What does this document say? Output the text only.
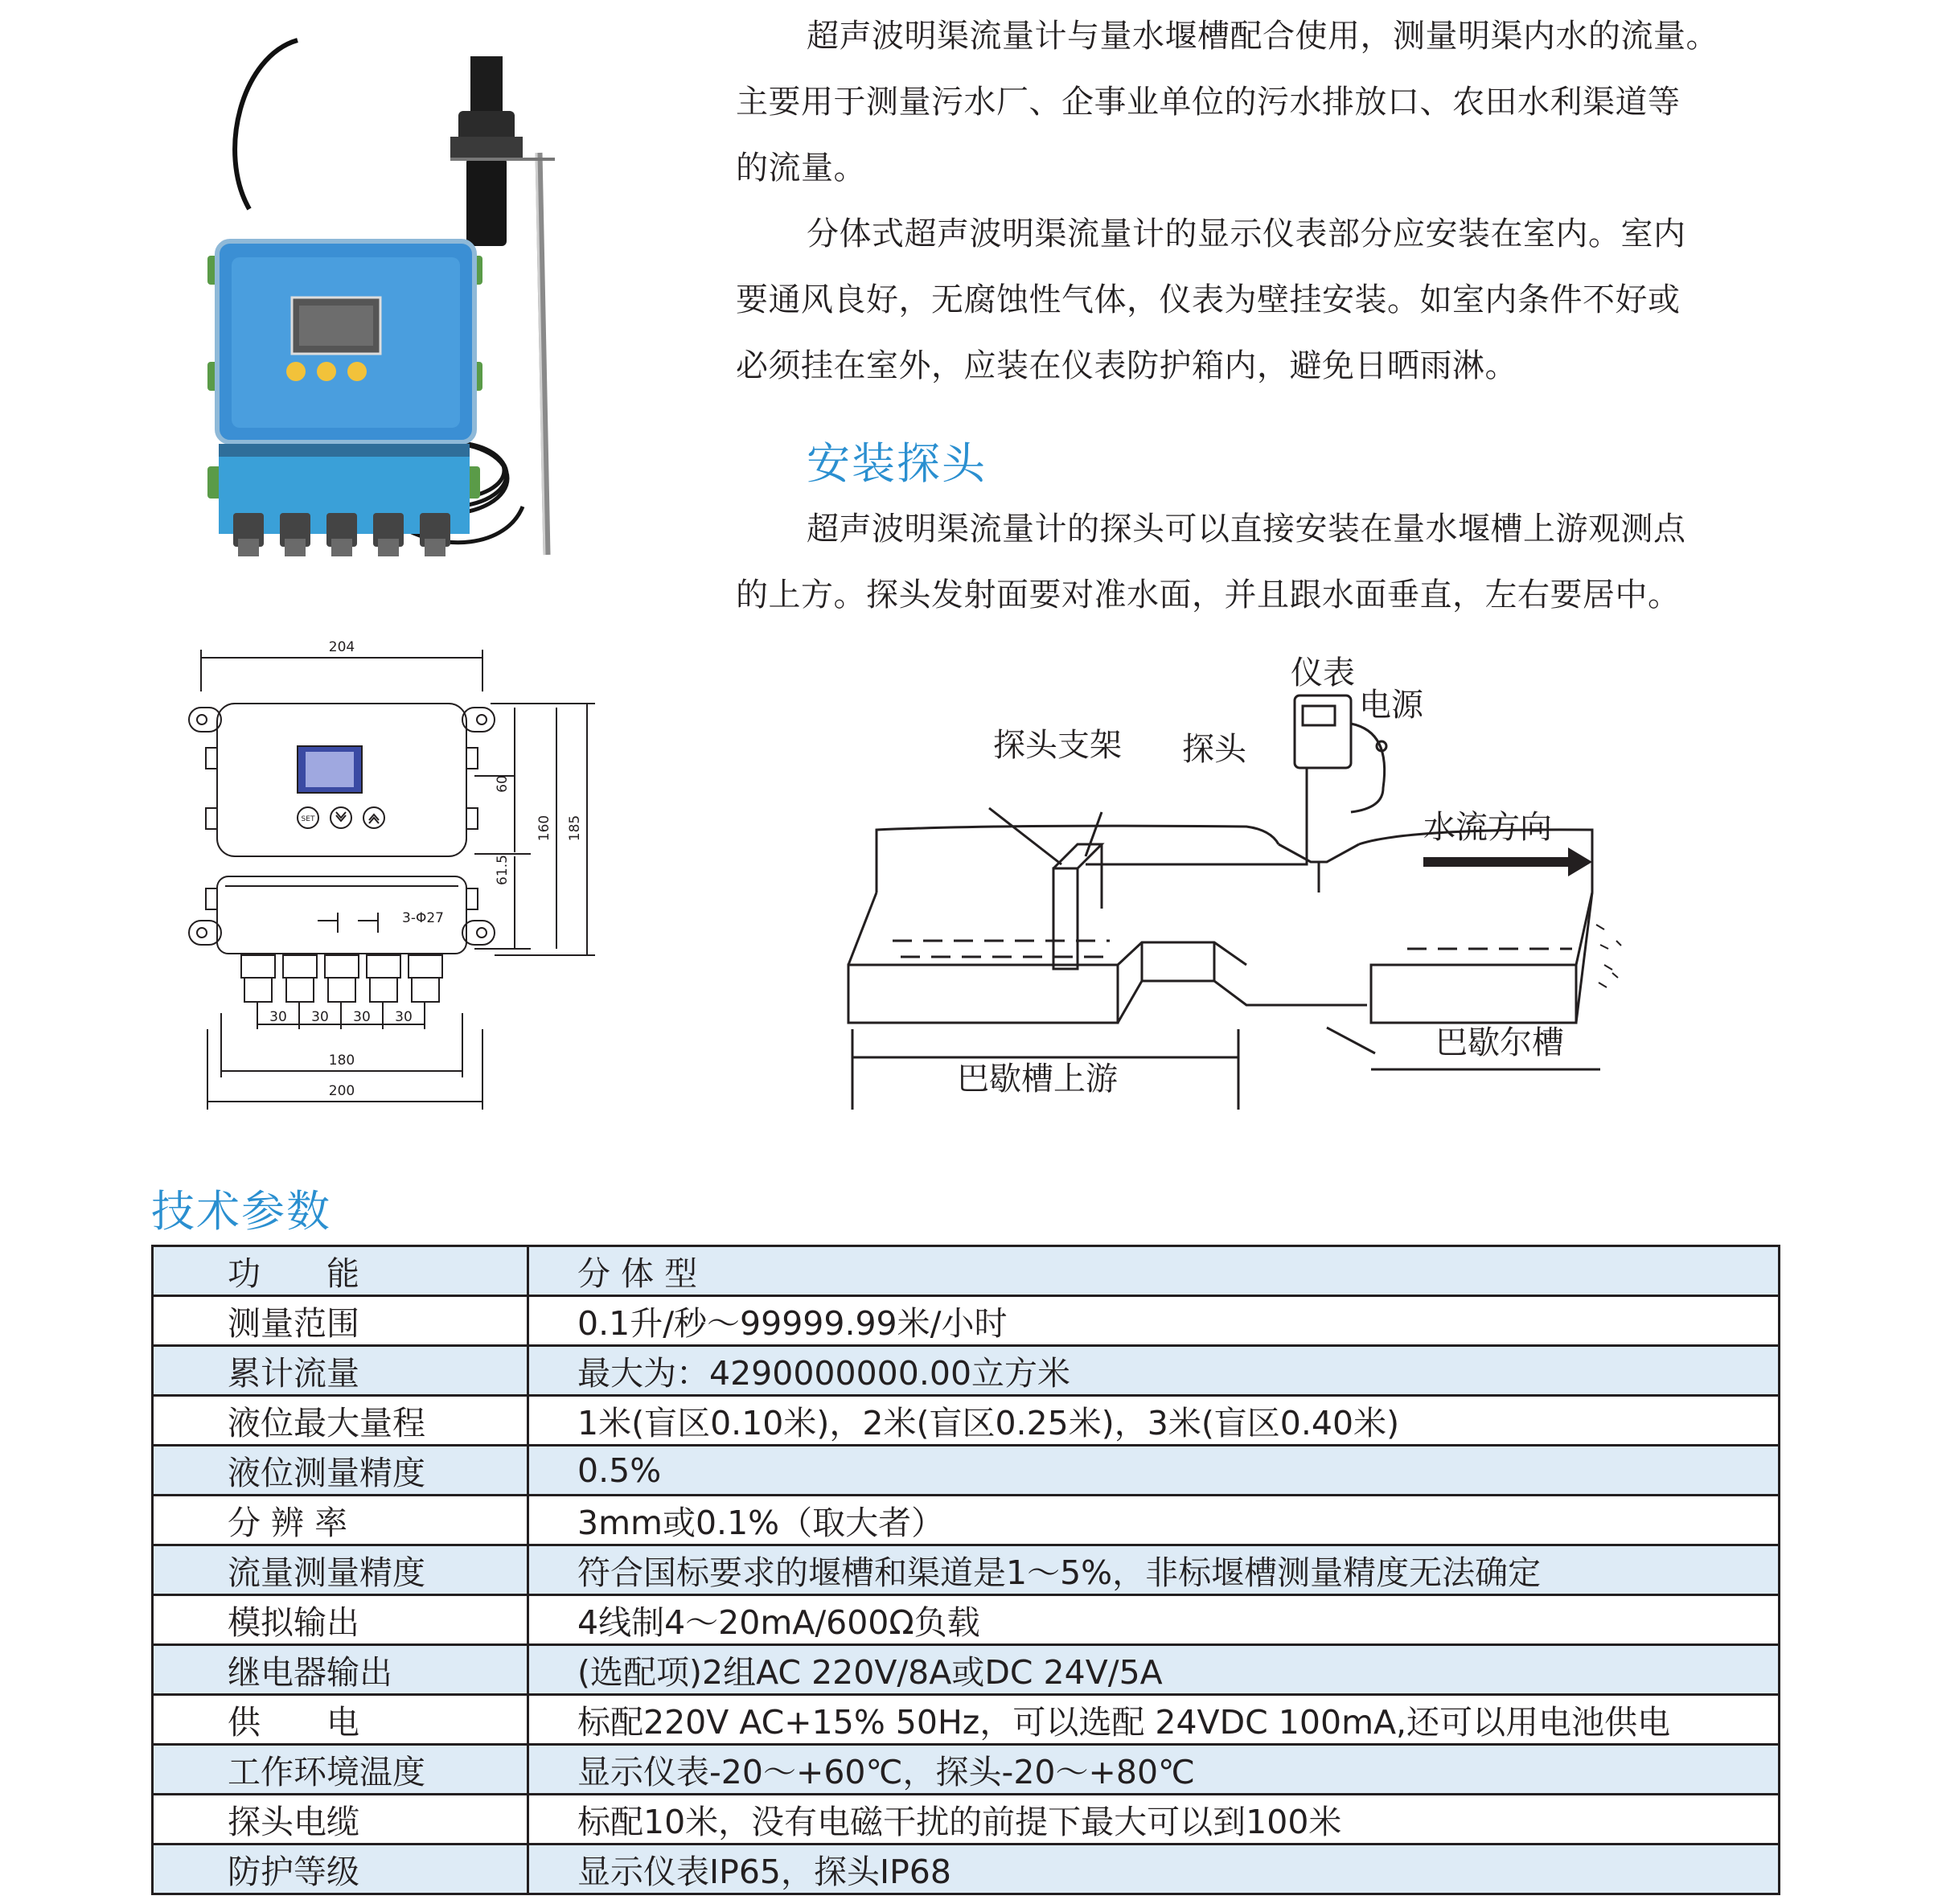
SET
204
3-Φ27
30 30 30 30
180
200
60
61.5
160 185

超声波明渠流量计与量水堰槽配合使用，测量明渠内水的流量。

主要用于测量污水厂、企事业单位的污水排放口、农田水利渠道等

的流量。

分体式超声波明渠流量计的显示仪表部分应安装在室内。室内

要通风良好，无腐蚀性气体，仪表为壁挂安装。如室内条件不好或

必须挂在室外，应装在仪表防护箱内，避免日晒雨淋。

安装探头

超声波明渠流量计的探头可以直接安装在量水堰槽上游观测点

的上方。探头发射面要对准水面，并且跟水面垂直，左右要居中。

仪表
电源
探头支架 探头
水流方向
巴歇尔槽
巴歇槽上游
技术参数
功　　能	分 体 型
测量范围	0.1升/秒～99999.99米/小时
累计流量	最大为：4290000000.00立方米
液位最大量程	1米(盲区0.10米)，2米(盲区0.25米)，3米(盲区0.40米)
液位测量精度	0.5%
分 辨 率	3mm或0.1%（取大者）
流量测量精度	符合国标要求的堰槽和渠道是1～5%，非标堰槽测量精度无法确定
模拟输出	4线制4～20mA/600Ω负载
继电器输出	(选配项)2组AC 220V/8A或DC 24V/5A
供　　电	标配220V AC+15% 50Hz，可以选配 24VDC 100mA,还可以用电池供电
工作环境温度	显示仪表-20～+60℃，探头-20～+80℃
探头电缆	标配10米，没有电磁干扰的前提下最大可以到100米
防护等级	显示仪表IP65，探头IP68
